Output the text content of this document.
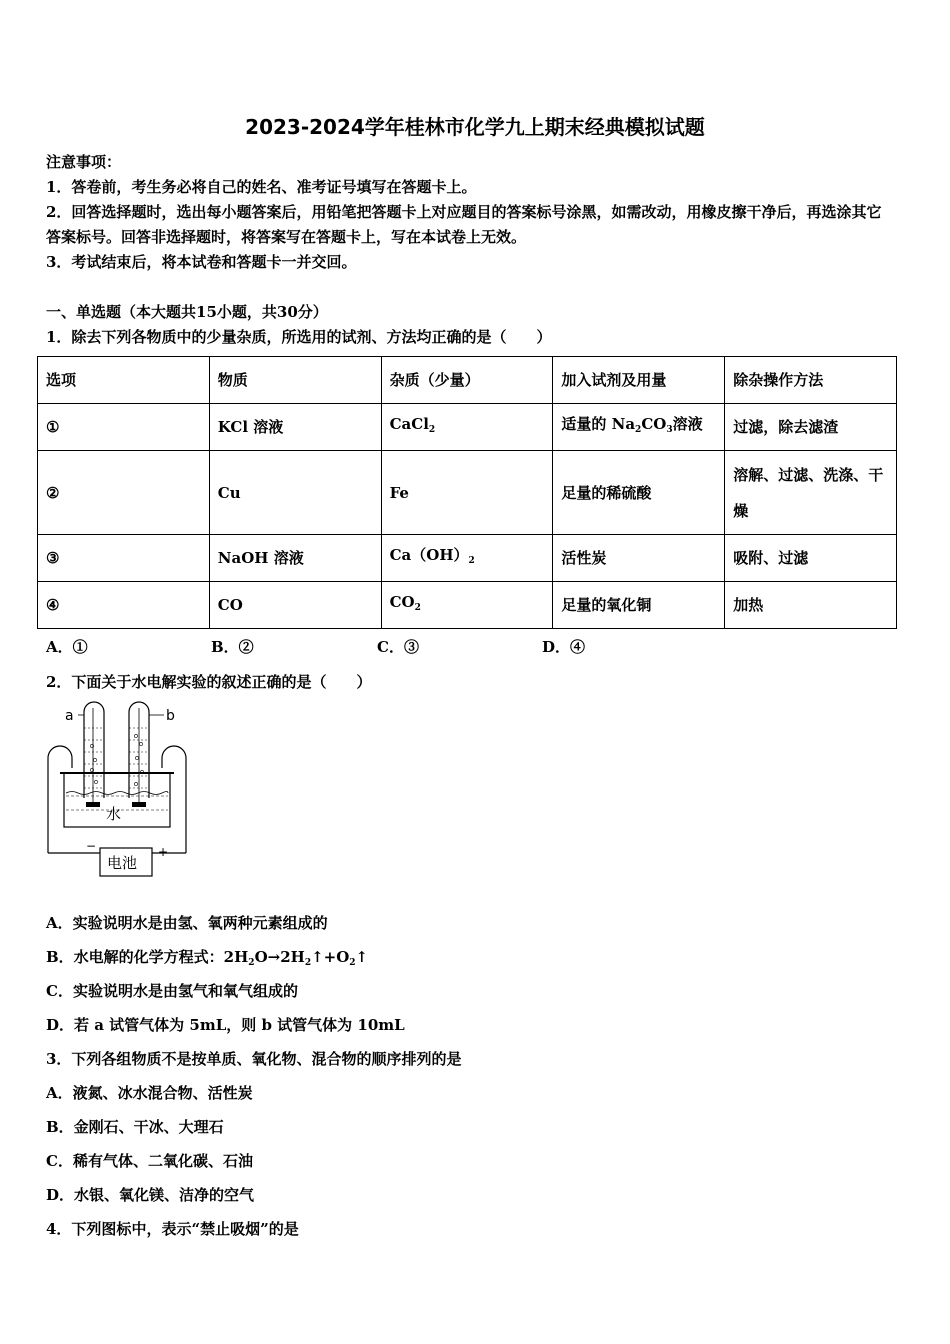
2023-2024学年桂林市化学九上期末经典模拟试题

注意事项：

1．答卷前，考生务必将自己的姓名、准考证号填写在答题卡上。

2．回答选择题时，选出每小题答案后，用铅笔把答题卡上对应题目的答案标号涂黑，如需改动，用橡皮擦干净后，再选涂其它答案标号。回答非选择题时，将答案写在答题卡上，写在本试卷上无效。

3．考试结束后，将本试卷和答题卡一并交回。

一、单选题（本大题共15小题，共30分）
1．除去下列各物质中的少量杂质，所选用的试剂、方法均正确的是（　　）
选项	物质	杂质（少量）	加入试剂及用量	除杂操作方法
①	KCl 溶液	CaCl$_2$	适量的 $Na_2CO_3$溶液	过滤，除去滤渣
②	Cu	Fe	足量的稀硫酸	溶解、过滤、洗涤、干燥
③	NaOH 溶液	$Ca(OH)_2$	活性炭	吸附、过滤
④	CO	$CO_2$	足量的氧化铜	加热
A．①	B．②	C．③	D．④
2．下面关于水电解实验的叙述正确的是（　　）
a	b
水
电池
−	+
A．实验说明水是由氢、氧两种元素组成的
B．水电解的化学方程式：$2H_2O\to 2H_2↑+O_2↑$
C．实验说明水是由氢气和氧气组成的
D．若 a 试管气体为 5mL，则 b 试管气体为 10mL
3．下列各组物质不是按单质、氧化物、混合物的顺序排列的是
A．液氮、冰水混合物、活性炭
B．金刚石、干冰、大理石
C．稀有气体、二氧化碳、石油
D．水银、氧化镁、洁净的空气
4．下列图标中，表示“禁止吸烟”的是
